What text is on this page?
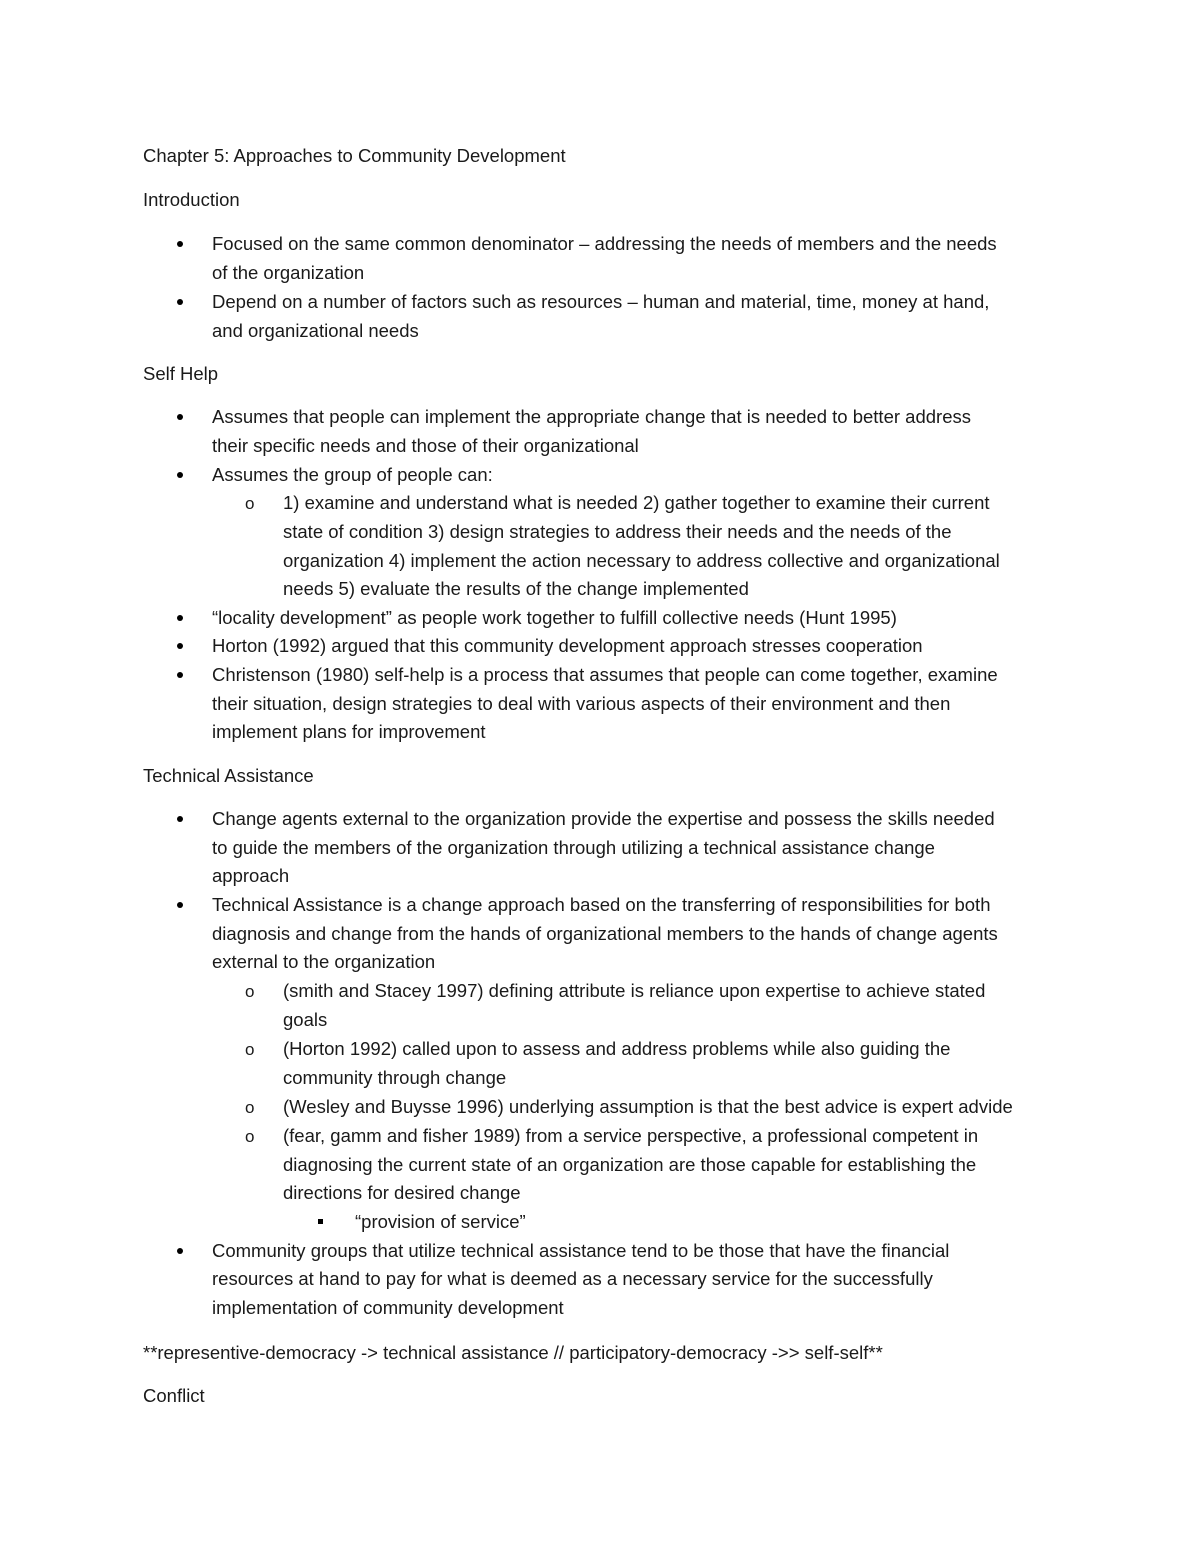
Chapter 5: Approaches to Community Development
Introduction
Focused on the same common denominator – addressing the needs of members and the needs
of the organization
Depend on a number of factors such as resources – human and material, time, money at hand,
and organizational needs
Self Help
Assumes that people can implement the appropriate change that is needed to better address
their specific needs and those of their organizational
Assumes the group of people can:
o 1) examine and understand what is needed 2) gather together to examine their current
state of condition 3) design strategies to address their needs and the needs of the
organization 4) implement the action necessary to address collective and organizational
needs 5) evaluate the results of the change implemented
“locality development” as people work together to fulfill collective needs (Hunt 1995)
Horton (1992) argued that this community development approach stresses cooperation
Christenson (1980) self-help is a process that assumes that people can come together, examine
their situation, design strategies to deal with various aspects of their environment and then
implement plans for improvement
Technical Assistance
Change agents external to the organization provide the expertise and possess the skills needed
to guide the members of the organization through utilizing a technical assistance change
approach
Technical Assistance is a change approach based on the transferring of responsibilities for both
diagnosis and change from the hands of organizational members to the hands of change agents
external to the organization
o (smith and Stacey 1997) defining attribute is reliance upon expertise to achieve stated
goals
o (Horton 1992) called upon to assess and address problems while also guiding the
community through change
o (Wesley and Buysse 1996) underlying assumption is that the best advice is expert advide
o (fear, gamm and fisher 1989) from a service perspective, a professional competent in
diagnosing the current state of an organization are those capable for establishing the
directions for desired change
“provision of service”
Community groups that utilize technical assistance tend to be those that have the financial
resources at hand to pay for what is deemed as a necessary service for the successfully
implementation of community development
**representive-democracy -> technical assistance // participatory-democracy ->> self-self**
Conflict
